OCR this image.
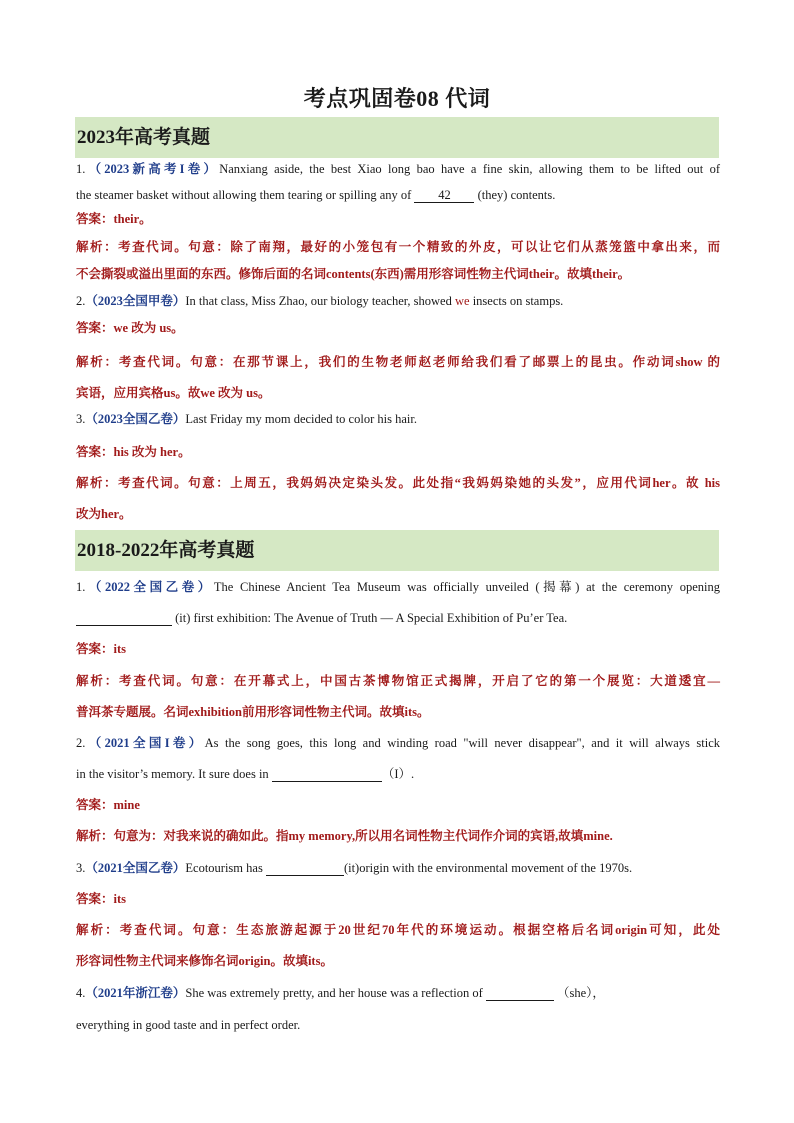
考点巩固卷08 代词
2023年高考真题
1.（2023新高考I卷）Nanxiang aside, the best Xiao long bao have a fine skin, allowing them to be lifted out of
the steamer basket without allowing them tearing or spilling any of 42 (they) contents.
答案：their。
解析：考查代词。句意：除了南翔，最好的小笼包有一个精致的外皮，可以让它们从蒸笼篮中拿出来，而
不会撕裂或溢出里面的东西。修饰后面的名词contents(东西)需用形容词性物主代词their。故填their。
2.（2023全国甲卷）In that class, Miss Zhao, our biology teacher, showed we insects on stamps.
答案：we 改为 us。
解析：考查代词。句意：在那节课上，我们的生物老师赵老师给我们看了邮票上的昆虫。作动词show 的
宾语，应用宾格us。故we 改为 us。
3.（2023全国乙卷）Last Friday my mom decided to color his hair.
答案：his 改为 her。
解析：考查代词。句意：上周五，我妈妈决定染头发。此处指“我妈妈染她的头发”，应用代词her。故 his
改为her。
2018-2022年高考真题
1.（2022全国乙卷）The Chinese Ancient Tea Museum was officially unveiled (揭幕) at the ceremony opening
(it) first exhibition: The Avenue of Truth — A Special Exhibition of Pu’er Tea.
答案：its
解析：考查代词。句意：在开幕式上，中国古茶博物馆正式揭牌，开启了它的第一个展览：大道逶宜—
普洱茶专题展。名词exhibition前用形容词性物主代词。故填its。
2.（2021全国I卷）As the song goes, this long and winding road "will never disappear", and it will always stick
in the visitor’s memory. It sure does in	（I）.
答案：mine
解析：句意为：对我来说的确如此。指my memory,所以用名词性物主代词作介词的宾语,故填mine.
3.（2021全国乙卷）Ecotourism has	(it)origin with the environmental movement of the 1970s.
答案：its
解析：考查代词。句意：生态旅游起源于20世纪70年代的环境运动。根据空格后名词origin可知，此处
形容词性物主代词来修饰名词origin。故填its。
4.（2021年浙江卷）She was extremely pretty, and her house was a reflection of	（she），
everything in good taste and in perfect order.
